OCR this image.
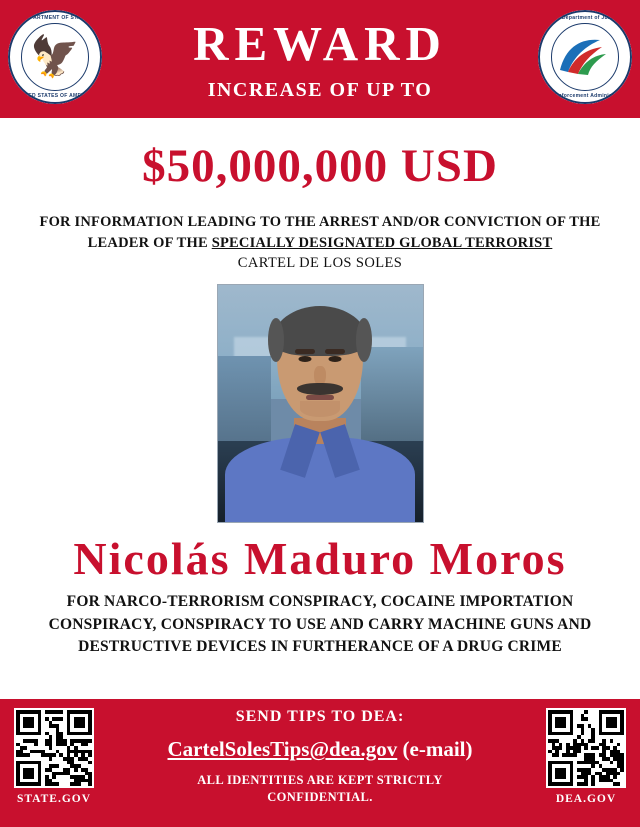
DEPARTMENT OF STATE
🦅
UNITED STATES OF AMERICA
REWARD
INCREASE OF UP TO
U.S. Department of Justice
Drug Enforcement Administration
$50,000,000 USD
FOR INFORMATION LEADING TO THE ARREST AND/OR CONVICTION OF THE
LEADER OF THE SPECIALLY DESIGNATED GLOBAL TERRORIST
CARTEL DE LOS SOLES
Nicolás Maduro Moros
FOR NARCO-TERRORISM CONSPIRACY, COCAINE IMPORTATION
CONSPIRACY, CONSPIRACY TO USE AND CARRY MACHINE GUNS AND
DESTRUCTIVE DEVICES IN FURTHERANCE OF A DRUG CRIME
STATE.GOV
SEND TIPS TO DEA:
CartelSolesTips@dea.gov (e-mail)
ALL IDENTITIES ARE KEPT STRICTLY
CONFIDENTIAL.	DEA.GOV
